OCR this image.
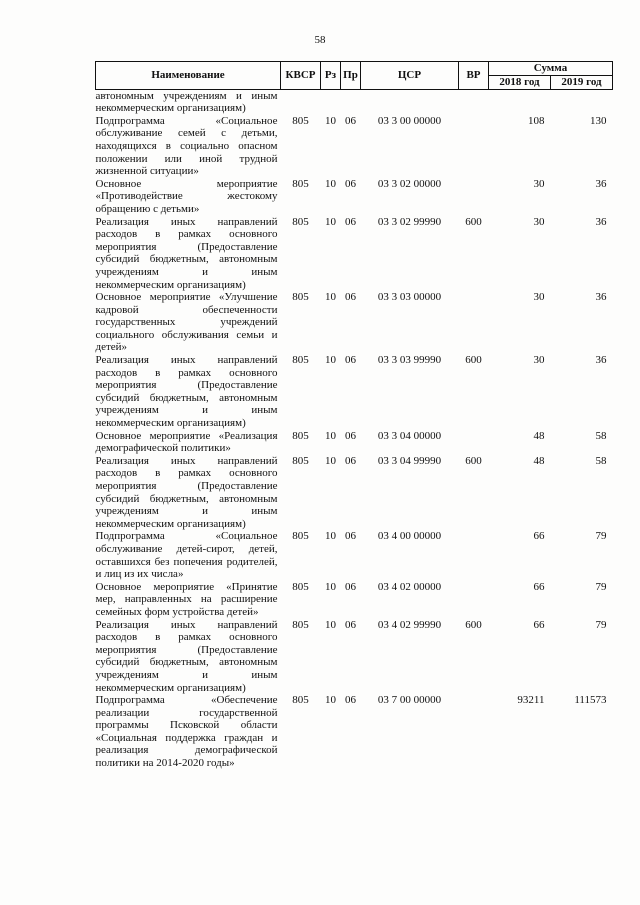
58
Наименование	КВСР	Рз	Пр	ЦСР	ВР	Сумма	
						2018 год	2019 год
автономным учреждениям и иным некоммерческим организациям)							
Подпрограмма «Социальное обслуживание семей с детьми, находящихся в социально опасном положении или иной трудной жизненной ситуации»	805	10	06	03 3 00 00000		108	130
Основное мероприятие «Противодействие жестокому обращению с детьми»	805	10	06	03 3 02 00000		30	36
Реализация иных направлений расходов в рамках основного мероприятия (Предоставление субсидий бюджетным, автономным учреждениям и иным некоммерческим организациям)	805	10	06	03 3 02 99990	600	30	36
Основное мероприятие «Улучшение кадровой обеспеченности государственных учреждений социального обслуживания семьи и детей»	805	10	06	03 3 03 00000		30	36
Реализация иных направлений расходов в рамках основного мероприятия (Предоставление субсидий бюджетным, автономным учреждениям и иным некоммерческим организациям)	805	10	06	03 3 03 99990	600	30	36
Основное мероприятие «Реализация демографической политики»	805	10	06	03 3 04 00000		48	58
Реализация иных направлений расходов в рамках основного мероприятия (Предоставление субсидий бюджетным, автономным учреждениям и иным некоммерческим организациям)	805	10	06	03 3 04 99990	600	48	58
Подпрограмма «Социальное обслуживание детей-сирот, детей, оставшихся без попечения родителей, и лиц из их числа»	805	10	06	03 4 00 00000		66	79
Основное мероприятие «Принятие мер, направленных на расширение семейных форм устройства детей»	805	10	06	03 4 02 00000		66	79
Реализация иных направлений расходов в рамках основного мероприятия (Предоставление субсидий бюджетным, автономным учреждениям и иным некоммерческим организациям)	805	10	06	03 4 02 99990	600	66	79
Подпрограмма «Обеспечение реализации государственной программы Псковской области «Социальная поддержка граждан и реализация демографической политики на 2014-2020 годы»	805	10	06	03 7 00 00000		93211	111573
